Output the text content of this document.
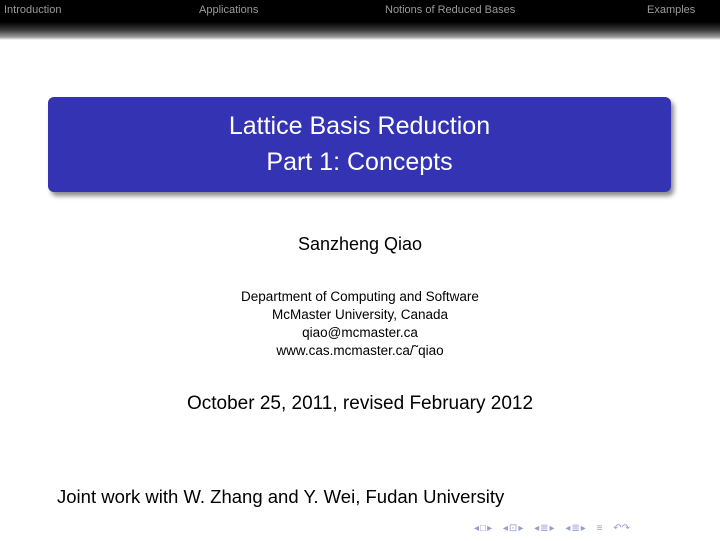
Introduction	Applications	Notions of Reduced Bases	Examples
Lattice Basis Reduction
Part 1: Concepts
Sanzheng Qiao
Department of Computing and Software
McMaster University, Canada
qiao@mcmaster.ca
www.cas.mcmaster.ca/˜qiao
October 25, 2011, revised February 2012
Joint work with W. Zhang and Y. Wei, Fudan University
◂□▸ ◂⊡▸ ◂≣▸ ◂≣▸ ≡ ↶↷
